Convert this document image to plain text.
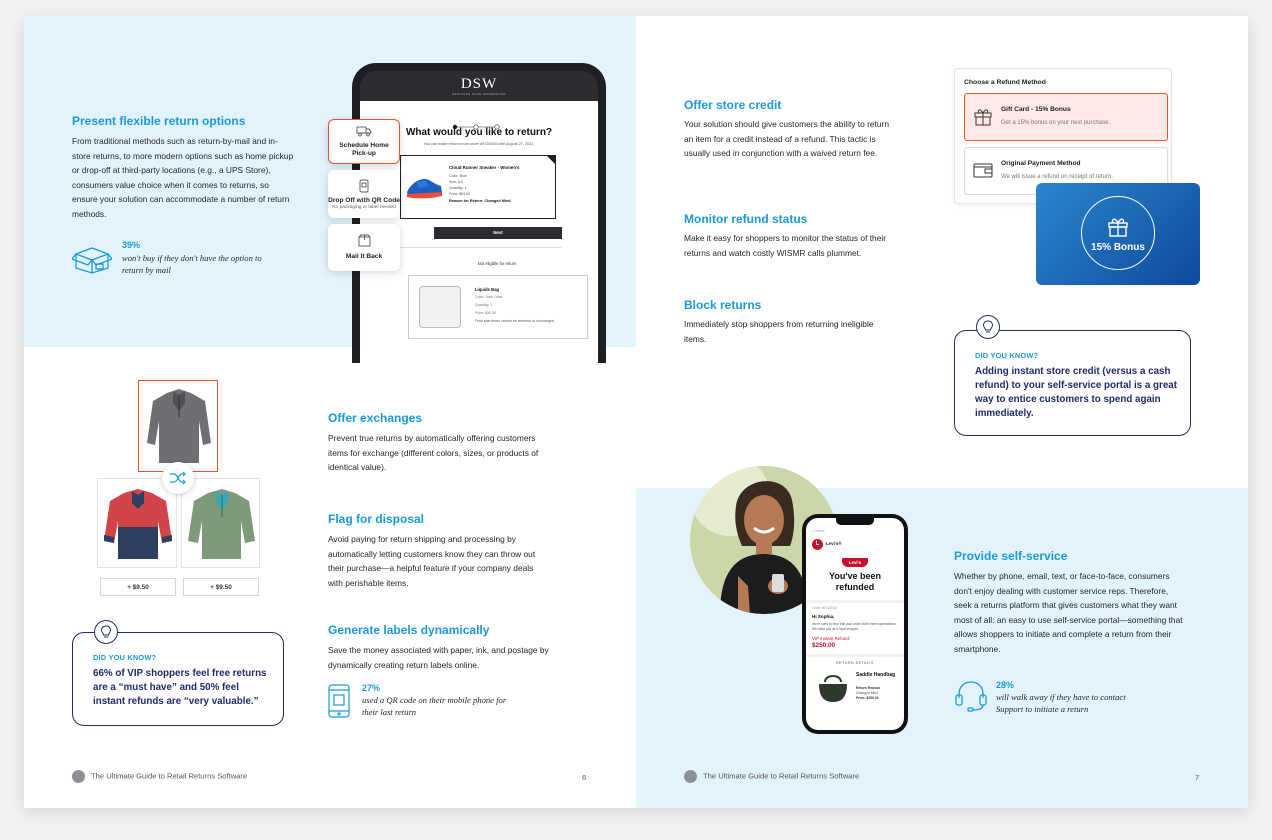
Present flexible return options
From traditional methods such as return-by-mail and in-store returns, to more modern options such as home pickup or drop-off at third-party locations (e.g., a UPS Store), consumers value choice when it comes to returns, so ensure your solution can accommodate a number of return methods.
39%
won't buy if they don't have the option to return by mail
DSW
DESIGNER SHOE WAREHOUSE
What would you like to return?
You can make returns from order #9726463 until August 27, 2022.
Cloud Runner Sneaker - Women's
Color: Blue
Size: 6.0
Quantity: 1
Price: $54.99
Reason for Return: Changed Mind
Next
Not eligible for return
Liquids Bag
Color: Dark Olive
Quantity: 1
Price: $30.00
Final sale items cannot be returned or exchanged
Schedule Home Pick-up
Drop Off with QR Code
No packaging or label needed
Mail It Back
+ $9.50	+ $9.50
DID YOU KNOW?
66% of VIP shoppers feel free returns are a “must have” and 50% feel instant refunds are “very valuable.”
Offer exchanges
Prevent true returns by automatically offering customers items for exchange (different colors, sizes, or products of identical value).
Flag for disposal
Avoid paying for return shipping and processing by automatically letting customers know they can throw out their purchase—a helpful feature if your company deals with perishable items.
Generate labels dynamically
Save the money associated with paper, ink, and postage by dynamically creating return labels online.
27%
used a QR code on their mobile phone for their last return
The Ultimate Guide to Retail Returns Software	6
Offer store credit
Your solution should give customers the ability to return an item for a credit instead of a refund. This tactic is usually used in conjunction with a waived return fee.
Monitor refund status
Make it easy for shoppers to monitor the status of their returns and watch costly WISMR calls plummet.
Block returns
Immediately stop shoppers from returning ineligible items.
Choose a Refund Method
Gift Card - 15% Bonus
Get a 15% bonus on your next purchase.
Original Payment Method
We will issue a refund on receipt of return.
15% Bonus
DID YOU KNOW?
Adding instant store credit (versus a cash refund) to your self-service portal is a great way to entice customers to spend again immediately.
< Inbox
L	Levi's®
Levi's
You've been refunded
Order #6718034
Hi Sophia,
We're sorry to hear that your order didn't meet expectations. We value you as a loyal shopper.
VIP Instant Refund:
$250.00
RETURN DETAILS
Saddle Handbag
Return Reason
Changed Mind
Price: $250.00
Provide self-service
Whether by phone, email, text, or face-to-face, consumers don't enjoy dealing with customer service reps. Therefore, seek a returns platform that gives customers what they want most of all: an easy to use self-service portal—something that allows shoppers to initiate and complete a return from their smartphone.
28%
will walk away if they have to contact Support to initiate a return
The Ultimate Guide to Retail Returns Software	7
